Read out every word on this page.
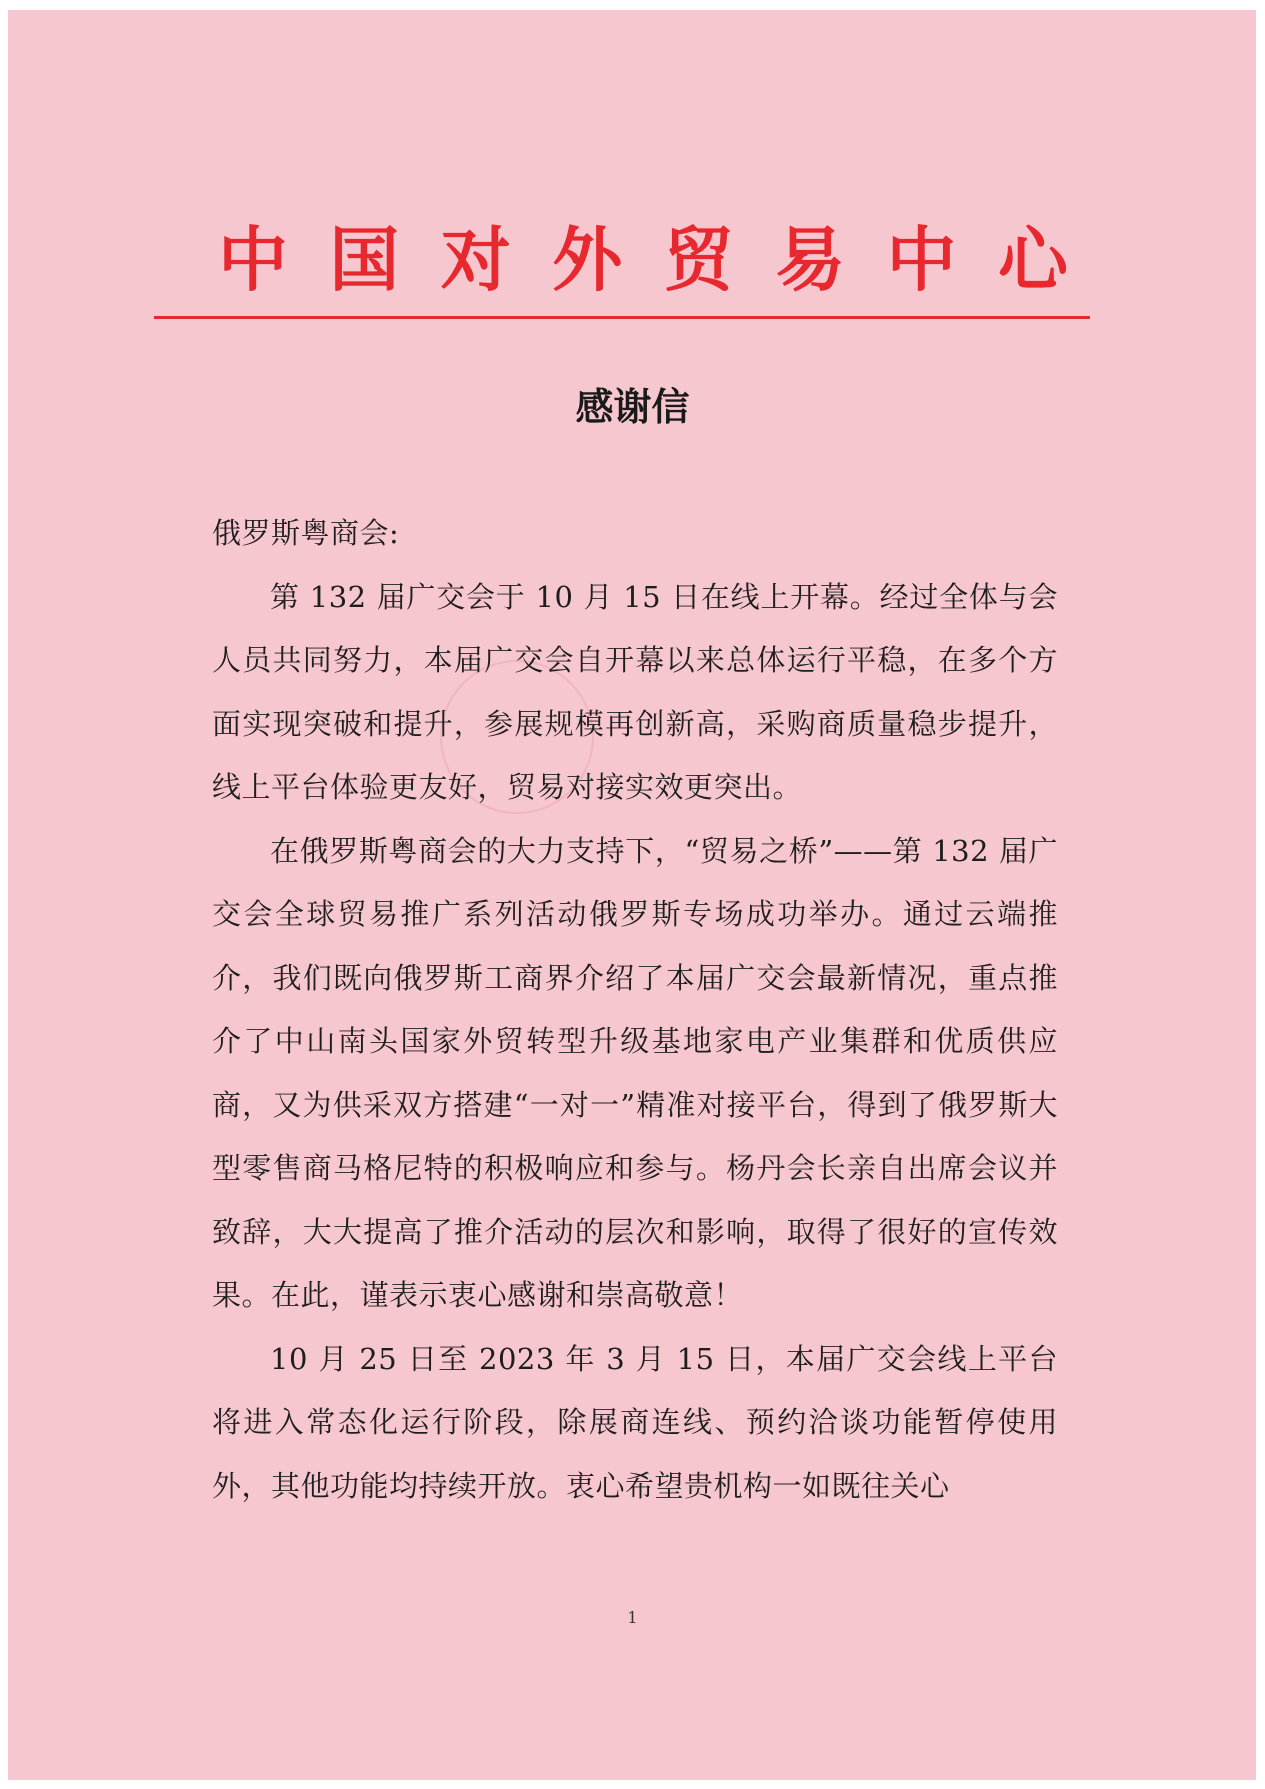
中 国 对 外 贸 易 中 心
感谢信

俄罗斯粤商会:

第 132 届广交会于 10 月 15 日在线上开幕。经过全体与会人员共同努力，本届广交会自开幕以来总体运行平稳，在多个方面实现突破和提升，参展规模再创新高，采购商质量稳步提升，线上平台体验更友好，贸易对接实效更突出。

在俄罗斯粤商会的大力支持下，“贸易之桥”——第 132 届广交会全球贸易推广系列活动俄罗斯专场成功举办。通过云端推介，我们既向俄罗斯工商界介绍了本届广交会最新情况，重点推介了中山南头国家外贸转型升级基地家电产业集群和优质供应商，又为供采双方搭建“一对一”精准对接平台，得到了俄罗斯大型零售商马格尼特的积极响应和参与。杨丹会长亲自出席会议并致辞，大大提高了推介活动的层次和影响，取得了很好的宣传效果。在此，谨表示衷心感谢和崇高敬意！

10 月 25 日至 2023 年 3 月 15 日，本届广交会线上平台将进入常态化运行阶段，除展商连线、预约洽谈功能暂停使用外，其他功能均持续开放。衷心希望贵机构一如既往关心

1
